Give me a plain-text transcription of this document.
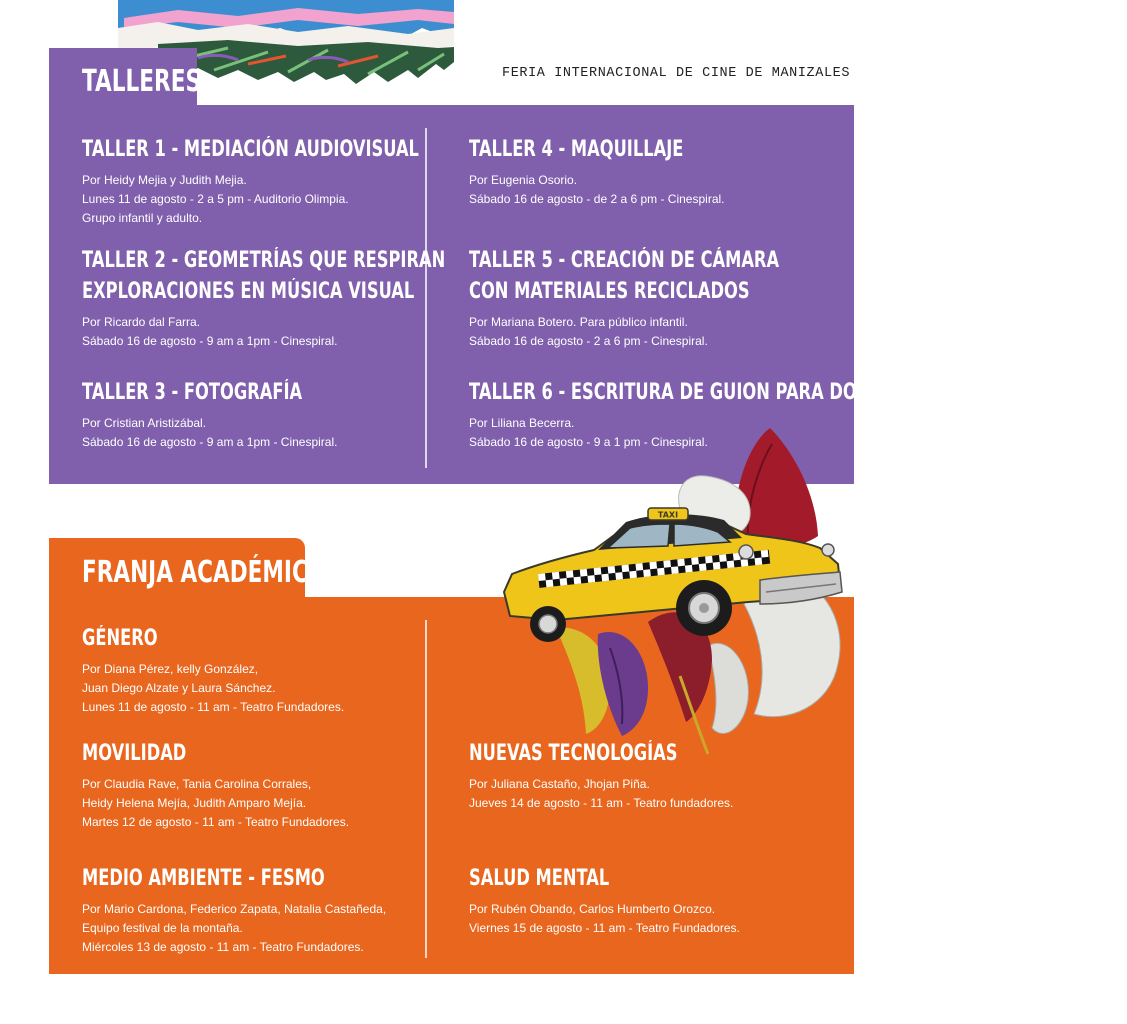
FERIA INTERNACIONAL DE CINE DE MANIZALES
TALLERES
TALLER 1 - MEDIACIÓN AUDIOVISUAL

Por Heidy Mejia y Judith Mejia.

Lunes 11 de agosto - 2 a 5 pm - Auditorio Olimpia.

Grupo infantil y adulto.

TALLER 2 - GEOMETRÍAS QUE RESPIRAN
EXPLORACIONES EN MÚSICA VISUAL

Por Ricardo dal Farra.

Sábado 16 de agosto - 9 am a 1pm - Cinespiral.

TALLER 3 - FOTOGRAFÍA

Por Cristian Aristizábal.

Sábado 16 de agosto - 9 am a 1pm - Cinespiral.

TALLER 4 - MAQUILLAJE

Por Eugenia Osorio.

Sábado 16 de agosto - de 2 a 6 pm - Cinespiral.

TALLER 5 - CREACIÓN DE CÁMARA
CON MATERIALES RECICLADOS

Por Mariana Botero. Para público infantil.

Sábado 16 de agosto - 2 a 6 pm - Cinespiral.

TALLER 6 - ESCRITURA DE GUION PARA DOCUMENTAL

Por Liliana Becerra.

Sábado 16 de agosto - 9 a 1 pm - Cinespiral.

FRANJA ACADÉMICA
GÉNERO

Por Diana Pérez, kelly González,

Juan Diego Alzate y Laura Sánchez.

Lunes 11 de agosto - 11 am - Teatro Fundadores.

MOVILIDAD

Por Claudia Rave, Tania Carolina Corrales,

Heidy Helena Mejía, Judith Amparo Mejía.

Martes 12 de agosto - 11 am - Teatro Fundadores.

MEDIO AMBIENTE - FESMO

Por Mario Cardona, Federico Zapata, Natalia Castañeda,

Equipo festival de la montaña.

Miércoles 13 de agosto - 11 am - Teatro Fundadores.

NUEVAS TECNOLOGÍAS

Por Juliana Castaño, Jhojan Piña.

Jueves 14 de agosto - 11 am - Teatro fundadores.

SALUD MENTAL

Por Rubén Obando, Carlos Humberto Orozco.

Viernes 15 de agosto - 11 am - Teatro Fundadores.

TAXI
